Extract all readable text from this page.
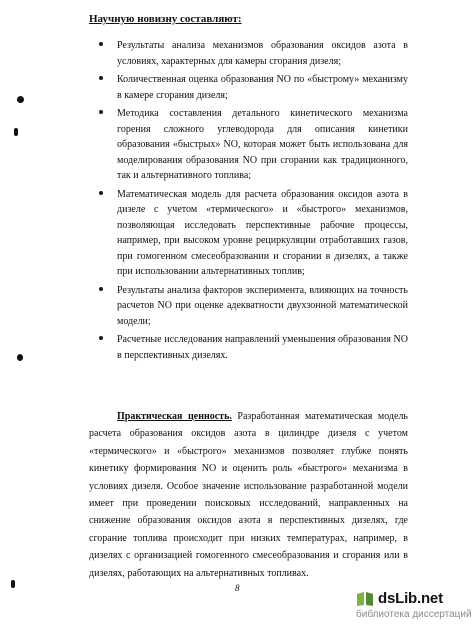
Научную новизну составляют:
Результаты анализа механизмов образования оксидов азота в условиях, характерных для камеры сгорания дизеля;
Количественная оценка образования NO по «быстрому» механизму в камере сгорания дизеля;
Методика составления детального кинетического механизма горения сложного углеводорода для описания кинетики образования «быстрых» NO, которая может быть использована для моделирования образования NO при сгорании как традиционного, так и альтернативного топлива;
Математическая модель для расчета образования оксидов азота в дизеле с учетом «термического» и «быстрого» механизмов, позволяющая исследовать перспективные рабочие процессы, например, при высоком уровне рециркуляции отработавших газов, при гомогенном смесеобразовании и сгорании в дизелях, а также при использовании альтернативных топлив;
Результаты анализа факторов эксперимента, влияющих на точность расчетов NO при оценке адекватности двухзонной математической модели;
Расчетные исследования направлений уменьшения образования NO в перспективных дизелях.
Практическая ценность. Разработанная математическая модель расчета образования оксидов азота в цилиндре дизеля с учетом «термического» и «быстрого» механизмов позволяет глубже понять кинетику формирования NO и оценить роль «быстрого» механизма в условиях дизеля. Особое значение использование разработанной модели имеет при проведении поисковых исследований, направленных на снижение образования оксидов азота в перспективных дизелях, где сгорание топлива происходит при низких температурах, например, в дизелях с организацией гомогенного смесеобразования и сгорания или в дизелях, работающих на альтернативных топливах.
8
dsLib.net
библиотека диссертаций
